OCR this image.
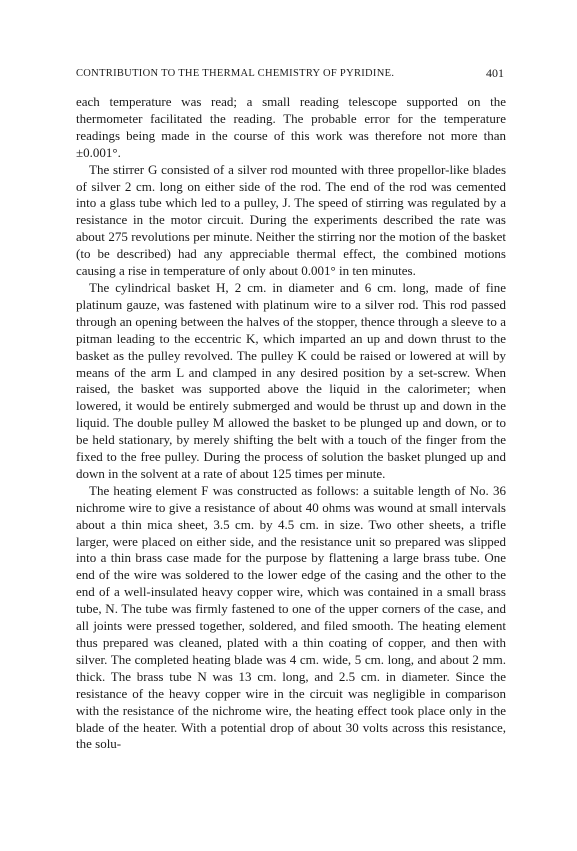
CONTRIBUTION TO THE THERMAL CHEMISTRY OF PYRIDINE.	401

each temperature was read; a small reading telescope supported on the thermometer facilitated the reading. The probable error for the temperature readings being made in the course of this work was therefore not more than ±0.001°.

The stirrer G consisted of a silver rod mounted with three propellor-like blades of silver 2 cm. long on either side of the rod. The end of the rod was cemented into a glass tube which led to a pulley, J. The speed of stirring was regulated by a resistance in the motor circuit. During the experiments described the rate was about 275 revolutions per minute. Neither the stirring nor the motion of the basket (to be described) had any appreciable thermal effect, the combined motions causing a rise in temperature of only about 0.001° in ten minutes.

The cylindrical basket H, 2 cm. in diameter and 6 cm. long, made of fine platinum gauze, was fastened with platinum wire to a silver rod. This rod passed through an opening between the halves of the stopper, thence through a sleeve to a pitman leading to the eccentric K, which imparted an up and down thrust to the basket as the pulley revolved. The pulley K could be raised or lowered at will by means of the arm L and clamped in any desired position by a set-screw. When raised, the basket was supported above the liquid in the calorimeter; when lowered, it would be entirely submerged and would be thrust up and down in the liquid. The double pulley M allowed the basket to be plunged up and down, or to be held stationary, by merely shifting the belt with a touch of the finger from the fixed to the free pulley. During the process of solution the basket plunged up and down in the solvent at a rate of about 125 times per minute.

The heating element F was constructed as follows: a suitable length of No. 36 nichrome wire to give a resistance of about 40 ohms was wound at small intervals about a thin mica sheet, 3.5 cm. by 4.5 cm. in size. Two other sheets, a trifle larger, were placed on either side, and the resistance unit so prepared was slipped into a thin brass case made for the purpose by flattening a large brass tube. One end of the wire was soldered to the lower edge of the casing and the other to the end of a well-insulated heavy copper wire, which was contained in a small brass tube, N. The tube was firmly fastened to one of the upper corners of the case, and all joints were pressed together, soldered, and filed smooth. The heating element thus prepared was cleaned, plated with a thin coating of copper, and then with silver. The completed heating blade was 4 cm. wide, 5 cm. long, and about 2 mm. thick. The brass tube N was 13 cm. long, and 2.5 cm. in diameter. Since the resistance of the heavy copper wire in the circuit was negligible in comparison with the resistance of the nichrome wire, the heating effect took place only in the blade of the heater. With a potential drop of about 30 volts across this resistance, the solu-
